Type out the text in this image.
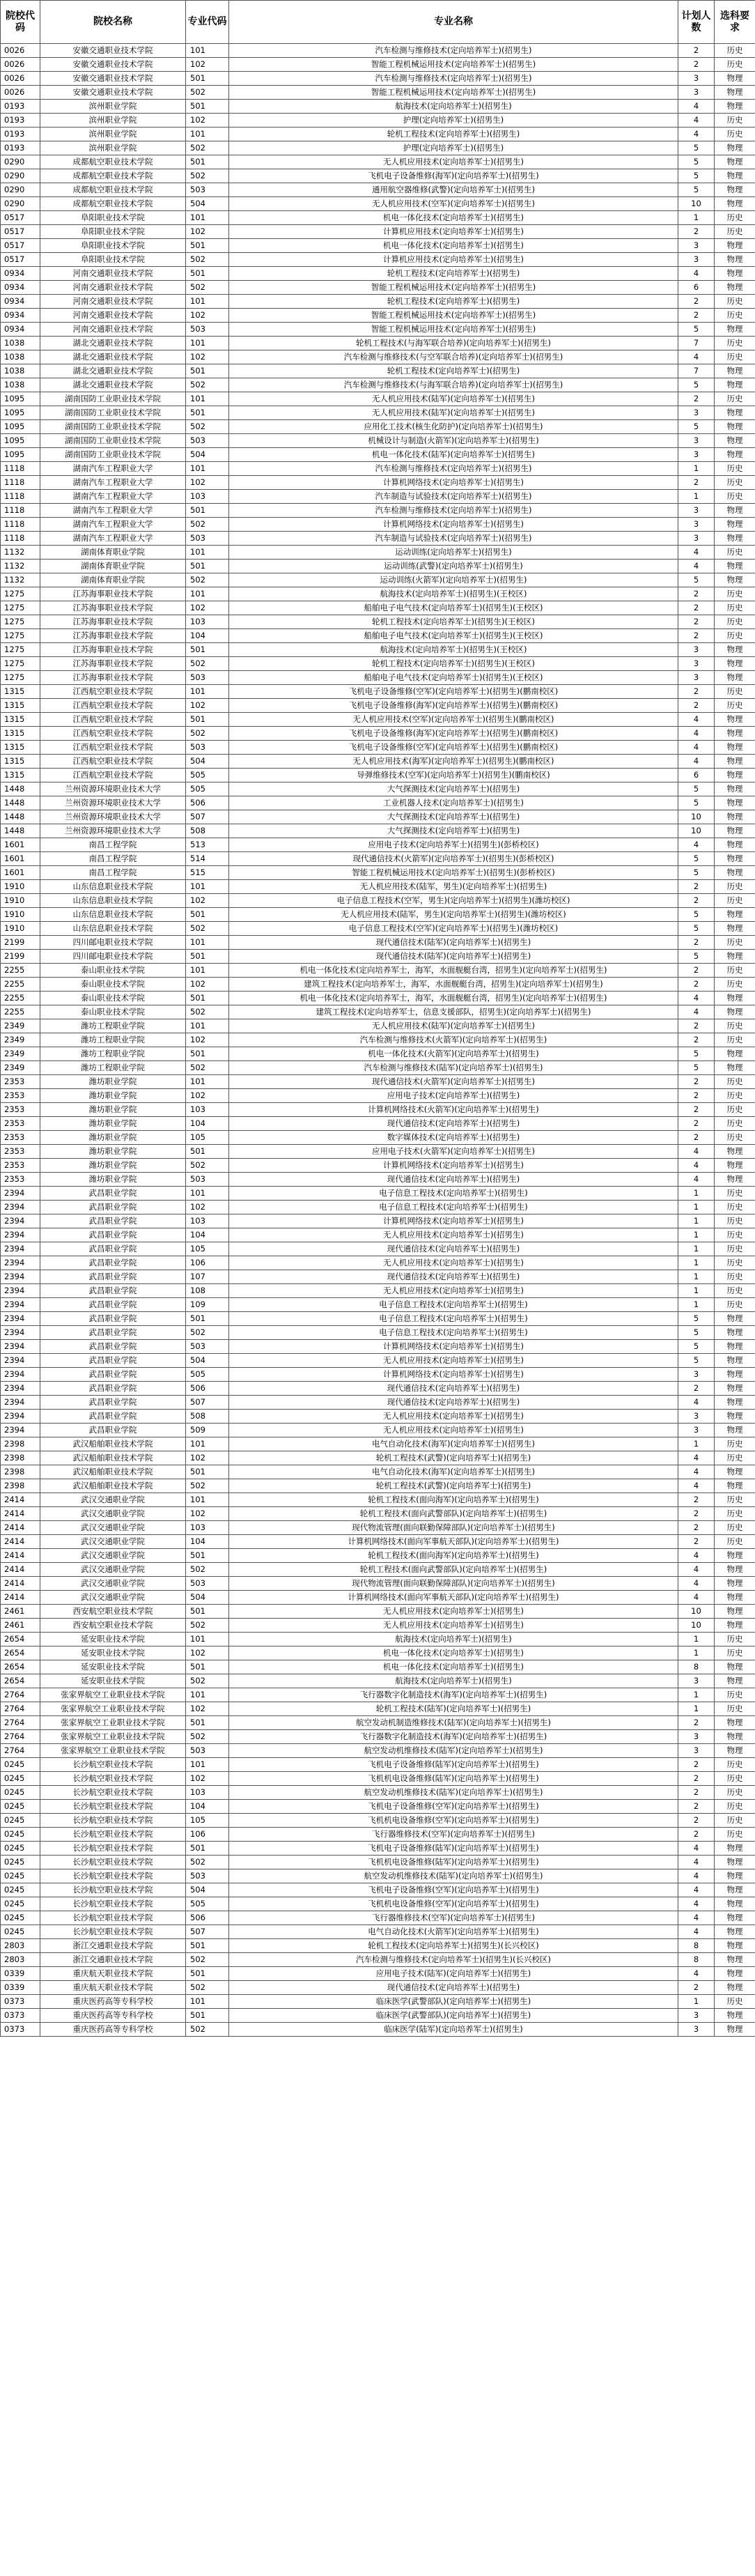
院校代码	院校名称	专业代码	专业名称	计划人数	选科要求
0026	安徽交通职业技术学院	101	汽车检测与维修技术(定向培养军士)(招男生)	2	历史
0026	安徽交通职业技术学院	102	智能工程机械运用技术(定向培养军士)(招男生)	2	历史
0026	安徽交通职业技术学院	501	汽车检测与维修技术(定向培养军士)(招男生)	3	物理
0026	安徽交通职业技术学院	502	智能工程机械运用技术(定向培养军士)(招男生)	3	物理
0193	滨州职业学院	501	航海技术(定向培养军士)(招男生)	4	物理
0193	滨州职业学院	102	护理(定向培养军士)(招男生)	4	历史
0193	滨州职业学院	101	轮机工程技术(定向培养军士)(招男生)	4	历史
0193	滨州职业学院	502	护理(定向培养军士)(招男生)	5	物理
0290	成都航空职业技术学院	501	无人机应用技术(定向培养军士)(招男生)	5	物理
0290	成都航空职业技术学院	502	飞机电子设备维修(海军)(定向培养军士)(招男生)	5	物理
0290	成都航空职业技术学院	503	通用航空器维修(武警)(定向培养军士)(招男生)	5	物理
0290	成都航空职业技术学院	504	无人机应用技术(空军)(定向培养军士)(招男生)	10	物理
0517	阜阳职业技术学院	101	机电一体化技术(定向培养军士)(招男生)	1	历史
0517	阜阳职业技术学院	102	计算机应用技术(定向培养军士)(招男生)	2	历史
0517	阜阳职业技术学院	501	机电一体化技术(定向培养军士)(招男生)	3	物理
0517	阜阳职业技术学院	502	计算机应用技术(定向培养军士)(招男生)	3	物理
0934	河南交通职业技术学院	501	轮机工程技术(定向培养军士)(招男生)	4	物理
0934	河南交通职业技术学院	502	智能工程机械运用技术(定向培养军士)(招男生)	6	物理
0934	河南交通职业技术学院	101	轮机工程技术(定向培养军士)(招男生)	2	历史
0934	河南交通职业技术学院	102	智能工程机械运用技术(定向培养军士)(招男生)	2	历史
0934	河南交通职业技术学院	503	智能工程机械运用技术(定向培养军士)(招男生)	5	物理
1038	湖北交通职业技术学院	101	轮机工程技术(与海军联合培养)(定向培养军士)(招男生)	7	历史
1038	湖北交通职业技术学院	102	汽车检测与维修技术(与空军联合培养)(定向培养军士)(招男生)	4	历史
1038	湖北交通职业技术学院	501	轮机工程技术(定向培养军士)(招男生)	7	物理
1038	湖北交通职业技术学院	502	汽车检测与维修技术(与海军联合培养)(定向培养军士)(招男生)	5	物理
1095	湖南国防工业职业技术学院	101	无人机应用技术(陆军)(定向培养军士)(招男生)	2	历史
1095	湖南国防工业职业技术学院	501	无人机应用技术(陆军)(定向培养军士)(招男生)	3	物理
1095	湖南国防工业职业技术学院	502	应用化工技术(核生化防护)(定向培养军士)(招男生)	5	物理
1095	湖南国防工业职业技术学院	503	机械设计与制造(火箭军)(定向培养军士)(招男生)	3	物理
1095	湖南国防工业职业技术学院	504	机电一体化技术(陆军)(定向培养军士)(招男生)	3	物理
1118	湖南汽车工程职业大学	101	汽车检测与维修技术(定向培养军士)(招男生)	1	历史
1118	湖南汽车工程职业大学	102	计算机网络技术(定向培养军士)(招男生)	2	历史
1118	湖南汽车工程职业大学	103	汽车制造与试验技术(定向培养军士)(招男生)	1	历史
1118	湖南汽车工程职业大学	501	汽车检测与维修技术(定向培养军士)(招男生)	3	物理
1118	湖南汽车工程职业大学	502	计算机网络技术(定向培养军士)(招男生)	3	物理
1118	湖南汽车工程职业大学	503	汽车制造与试验技术(定向培养军士)(招男生)	3	物理
1132	湖南体育职业学院	101	运动训练(定向培养军士)(招男生)	4	历史
1132	湖南体育职业学院	501	运动训练(武警)(定向培养军士)(招男生)	4	物理
1132	湖南体育职业学院	502	运动训练(火箭军)(定向培养军士)(招男生)	5	物理
1275	江苏海事职业技术学院	101	航海技术(定向培养军士)(招男生)(王校区)	2	历史
1275	江苏海事职业技术学院	102	船舶电子电气技术(定向培养军士)(招男生)(王校区)	2	历史
1275	江苏海事职业技术学院	103	轮机工程技术(定向培养军士)(招男生)(王校区)	2	历史
1275	江苏海事职业技术学院	104	船舶电子电气技术(定向培养军士)(招男生)(王校区)	2	历史
1275	江苏海事职业技术学院	501	航海技术(定向培养军士)(招男生)(王校区)	3	物理
1275	江苏海事职业技术学院	502	轮机工程技术(定向培养军士)(招男生)(王校区)	3	物理
1275	江苏海事职业技术学院	503	船舶电子电气技术(定向培养军士)(招男生)(王校区)	3	物理
1315	江西航空职业技术学院	101	飞机电子设备维修(空军)(定向培养军士)(招男生)(鹏南校区)	2	历史
1315	江西航空职业技术学院	102	飞机电子设备维修(海军)(定向培养军士)(招男生)(鹏南校区)	2	历史
1315	江西航空职业技术学院	501	无人机应用技术(空军)(定向培养军士)(招男生)(鹏南校区)	4	物理
1315	江西航空职业技术学院	502	飞机电子设备维修(海军)(定向培养军士)(招男生)(鹏南校区)	4	物理
1315	江西航空职业技术学院	503	飞机电子设备维修(空军)(定向培养军士)(招男生)(鹏南校区)	4	物理
1315	江西航空职业技术学院	504	无人机应用技术(海军)(定向培养军士)(招男生)(鹏南校区)	4	物理
1315	江西航空职业技术学院	505	导弹维修技术(空军)(定向培养军士)(招男生)(鹏南校区)	6	物理
1448	兰州资源环境职业技术大学	505	大气探测技术(定向培养军士)(招男生)	5	物理
1448	兰州资源环境职业技术大学	506	工业机器人技术(定向培养军士)(招男生)	5	物理
1448	兰州资源环境职业技术大学	507	大气探测技术(定向培养军士)(招男生)	10	物理
1448	兰州资源环境职业技术大学	508	大气探测技术(定向培养军士)(招男生)	10	物理
1601	南昌工程学院	513	应用电子技术(定向培养军士)(招男生)(彭桥校区)	4	物理
1601	南昌工程学院	514	现代通信技术(火箭军)(定向培养军士)(招男生)(彭桥校区)	5	物理
1601	南昌工程学院	515	智能工程机械运用技术(定向培养军士)(招男生)(彭桥校区)	5	物理
1910	山东信息职业技术学院	101	无人机应用技术(陆军，男生)(定向培养军士)(招男生)	2	历史
1910	山东信息职业技术学院	102	电子信息工程技术(空军，男生)(定向培养军士)(招男生)(潍坊校区)	2	历史
1910	山东信息职业技术学院	501	无人机应用技术(陆军，男生)(定向培养军士)(招男生)(潍坊校区)	5	物理
1910	山东信息职业技术学院	502	电子信息工程技术(空军)(定向培养军士)(招男生)(潍坊校区)	5	物理
2199	四川邮电职业技术学院	101	现代通信技术(陆军)(定向培养军士)(招男生)	2	历史
2199	四川邮电职业技术学院	501	现代通信技术(陆军)(定向培养军士)(招男生)	5	物理
2255	泰山职业技术学院	101	机电一体化技术(定向培养军士，海军，水面舰艇台湾，招男生)(定向培养军士)(招男生)	2	历史
2255	泰山职业技术学院	102	建筑工程技术(定向培养军士，海军，水面舰艇台湾，招男生)(定向培养军士)(招男生)	2	历史
2255	泰山职业技术学院	501	机电一体化技术(定向培养军士，海军，水面舰艇台湾，招男生)(定向培养军士)(招男生)	4	物理
2255	泰山职业技术学院	502	建筑工程技术(定向培养军士，信息支援部队，招男生)(定向培养军士)(招男生)	4	物理
2349	潍坊工程职业学院	101	无人机应用技术(陆军)(定向培养军士)(招男生)	2	历史
2349	潍坊工程职业学院	102	汽车检测与维修技术(火箭军)(定向培养军士)(招男生)	2	历史
2349	潍坊工程职业学院	501	机电一体化技术(火箭军)(定向培养军士)(招男生)	5	物理
2349	潍坊工程职业学院	502	汽车检测与维修技术(陆军)(定向培养军士)(招男生)	5	物理
2353	潍坊职业学院	101	现代通信技术(火箭军)(定向培养军士)(招男生)	2	历史
2353	潍坊职业学院	102	应用电子技术(定向培养军士)(招男生)	2	历史
2353	潍坊职业学院	103	计算机网络技术(火箭军)(定向培养军士)(招男生)	2	历史
2353	潍坊职业学院	104	现代通信技术(定向培养军士)(招男生)	2	历史
2353	潍坊职业学院	105	数字媒体技术(定向培养军士)(招男生)	2	历史
2353	潍坊职业学院	501	应用电子技术(火箭军)(定向培养军士)(招男生)	4	物理
2353	潍坊职业学院	502	计算机网络技术(定向培养军士)(招男生)	4	物理
2353	潍坊职业学院	503	现代通信技术(定向培养军士)(招男生)	4	物理
2394	武昌职业学院	101	电子信息工程技术(定向培养军士)(招男生)	1	历史
2394	武昌职业学院	102	电子信息工程技术(定向培养军士)(招男生)	1	历史
2394	武昌职业学院	103	计算机网络技术(定向培养军士)(招男生)	1	历史
2394	武昌职业学院	104	无人机应用技术(定向培养军士)(招男生)	1	历史
2394	武昌职业学院	105	现代通信技术(定向培养军士)(招男生)	1	历史
2394	武昌职业学院	106	无人机应用技术(定向培养军士)(招男生)	1	历史
2394	武昌职业学院	107	现代通信技术(定向培养军士)(招男生)	1	历史
2394	武昌职业学院	108	无人机应用技术(定向培养军士)(招男生)	1	历史
2394	武昌职业学院	109	电子信息工程技术(定向培养军士)(招男生)	1	历史
2394	武昌职业学院	501	电子信息工程技术(定向培养军士)(招男生)	5	物理
2394	武昌职业学院	502	电子信息工程技术(定向培养军士)(招男生)	5	物理
2394	武昌职业学院	503	计算机网络技术(定向培养军士)(招男生)	5	物理
2394	武昌职业学院	504	无人机应用技术(定向培养军士)(招男生)	5	物理
2394	武昌职业学院	505	计算机网络技术(定向培养军士)(招男生)	3	物理
2394	武昌职业学院	506	现代通信技术(定向培养军士)(招男生)	2	物理
2394	武昌职业学院	507	现代通信技术(定向培养军士)(招男生)	4	物理
2394	武昌职业学院	508	无人机应用技术(定向培养军士)(招男生)	3	物理
2394	武昌职业学院	509	无人机应用技术(定向培养军士)(招男生)	3	物理
2398	武汉船舶职业技术学院	101	电气自动化技术(海军)(定向培养军士)(招男生)	1	历史
2398	武汉船舶职业技术学院	102	轮机工程技术(武警)(定向培养军士)(招男生)	4	历史
2398	武汉船舶职业技术学院	501	电气自动化技术(海军)(定向培养军士)(招男生)	4	物理
2398	武汉船舶职业技术学院	502	轮机工程技术(武警)(定向培养军士)(招男生)	4	物理
2414	武汉交通职业学院	101	轮机工程技术(面向海军)(定向培养军士)(招男生)	2	历史
2414	武汉交通职业学院	102	轮机工程技术(面向武警部队)(定向培养军士)(招男生)	2	历史
2414	武汉交通职业学院	103	现代物流管理(面向联勤保障部队)(定向培养军士)(招男生)	2	历史
2414	武汉交通职业学院	104	计算机网络技术(面向军事航天部队)(定向培养军士)(招男生)	2	历史
2414	武汉交通职业学院	501	轮机工程技术(面向海军)(定向培养军士)(招男生)	4	物理
2414	武汉交通职业学院	502	轮机工程技术(面向武警部队)(定向培养军士)(招男生)	4	物理
2414	武汉交通职业学院	503	现代物流管理(面向联勤保障部队)(定向培养军士)(招男生)	4	物理
2414	武汉交通职业学院	504	计算机网络技术(面向军事航天部队)(定向培养军士)(招男生)	4	物理
2461	西安航空职业技术学院	501	无人机应用技术(定向培养军士)(招男生)	10	物理
2461	西安航空职业技术学院	502	无人机应用技术(定向培养军士)(招男生)	10	物理
2654	延安职业技术学院	101	航海技术(定向培养军士)(招男生)	1	历史
2654	延安职业技术学院	102	机电一体化技术(定向培养军士)(招男生)	1	历史
2654	延安职业技术学院	501	机电一体化技术(定向培养军士)(招男生)	8	物理
2654	延安职业技术学院	502	航海技术(定向培养军士)(招男生)	3	物理
2764	张家界航空工业职业技术学院	101	飞行器数字化制造技术(海军)(定向培养军士)(招男生)	1	历史
2764	张家界航空工业职业技术学院	102	轮机工程技术(陆军)(定向培养军士)(招男生)	1	历史
2764	张家界航空工业职业技术学院	501	航空发动机制造维修技术(陆军)(定向培养军士)(招男生)	2	物理
2764	张家界航空工业职业技术学院	502	飞行器数字化制造技术(海军)(定向培养军士)(招男生)	3	物理
2764	张家界航空工业职业技术学院	503	航空发动机维修技术(陆军)(定向培养军士)(招男生)	3	物理
0245	长沙航空职业技术学院	101	飞机电子设备维修(陆军)(定向培养军士)(招男生)	2	历史
0245	长沙航空职业技术学院	102	飞机机电设备维修(陆军)(定向培养军士)(招男生)	2	历史
0245	长沙航空职业技术学院	103	航空发动机维修技术(陆军)(定向培养军士)(招男生)	2	历史
0245	长沙航空职业技术学院	104	飞机电子设备维修(空军)(定向培养军士)(招男生)	2	历史
0245	长沙航空职业技术学院	105	飞机机电设备维修(空军)(定向培养军士)(招男生)	2	历史
0245	长沙航空职业技术学院	106	飞行器维修技术(空军)(定向培养军士)(招男生)	2	历史
0245	长沙航空职业技术学院	501	飞机电子设备维修(陆军)(定向培养军士)(招男生)	4	物理
0245	长沙航空职业技术学院	502	飞机机电设备维修(陆军)(定向培养军士)(招男生)	4	物理
0245	长沙航空职业技术学院	503	航空发动机维修技术(陆军)(定向培养军士)(招男生)	4	物理
0245	长沙航空职业技术学院	504	飞机电子设备维修(空军)(定向培养军士)(招男生)	4	物理
0245	长沙航空职业技术学院	505	飞机机电设备维修(空军)(定向培养军士)(招男生)	4	物理
0245	长沙航空职业技术学院	506	飞行器维修技术(空军)(定向培养军士)(招男生)	4	物理
0245	长沙航空职业技术学院	507	电气自动化技术(火箭军)(定向培养军士)(招男生)	4	物理
2803	浙江交通职业技术学院	501	轮机工程技术(定向培养军士)(招男生)(长兴校区)	8	物理
2803	浙江交通职业技术学院	502	汽车检测与维修技术(定向培养军士)(招男生)(长兴校区)	8	物理
0339	重庆航天职业技术学院	501	应用电子技术(陆军)(定向培养军士)(招男生)	4	物理
0339	重庆航天职业技术学院	502	现代通信技术(定向培养军士)(招男生)	2	物理
0373	重庆医药高等专科学校	101	临床医学(武警部队)(定向培养军士)(招男生)	1	历史
0373	重庆医药高等专科学校	501	临床医学(武警部队)(定向培养军士)(招男生)	3	物理
0373	重庆医药高等专科学校	502	临床医学(陆军)(定向培养军士)(招男生)	3	物理
